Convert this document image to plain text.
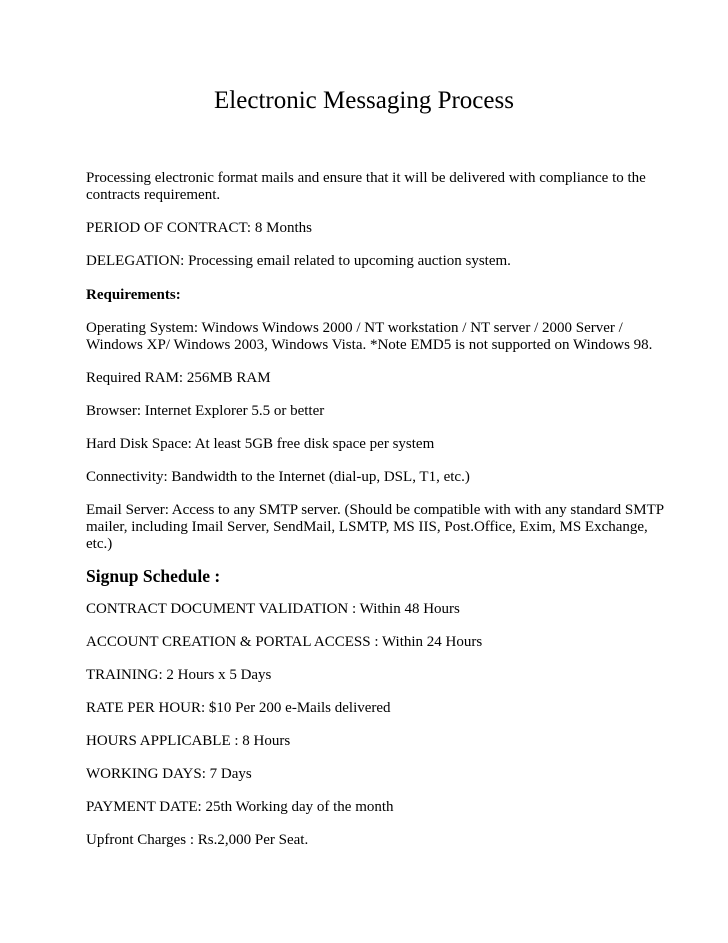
Electronic Messaging Process
Processing electronic format mails and ensure that it will be delivered with compliance to the
contracts requirement.
PERIOD OF CONTRACT: 8 Months
DELEGATION: Processing email related to upcoming auction system.
Requirements:
Operating System: Windows Windows 2000 / NT workstation / NT server / 2000 Server /
Windows XP/ Windows 2003, Windows Vista. *Note EMD5 is not supported on Windows 98.
Required RAM: 256MB RAM
Browser: Internet Explorer 5.5 or better
Hard Disk Space: At least 5GB free disk space per system
Connectivity: Bandwidth to the Internet (dial-up, DSL, T1, etc.)
Email Server: Access to any SMTP server. (Should be compatible with with any standard SMTP
mailer, including Imail Server, SendMail, LSMTP, MS IIS, Post.Office, Exim, MS Exchange,
etc.)
Signup Schedule :
CONTRACT DOCUMENT VALIDATION : Within 48 Hours
ACCOUNT CREATION & PORTAL ACCESS : Within 24 Hours
TRAINING: 2 Hours x 5 Days
RATE PER HOUR: $10 Per 200 e-Mails delivered
HOURS APPLICABLE : 8 Hours
WORKING DAYS: 7 Days
PAYMENT DATE: 25th Working day of the month
Upfront Charges : Rs.2,000 Per Seat.
